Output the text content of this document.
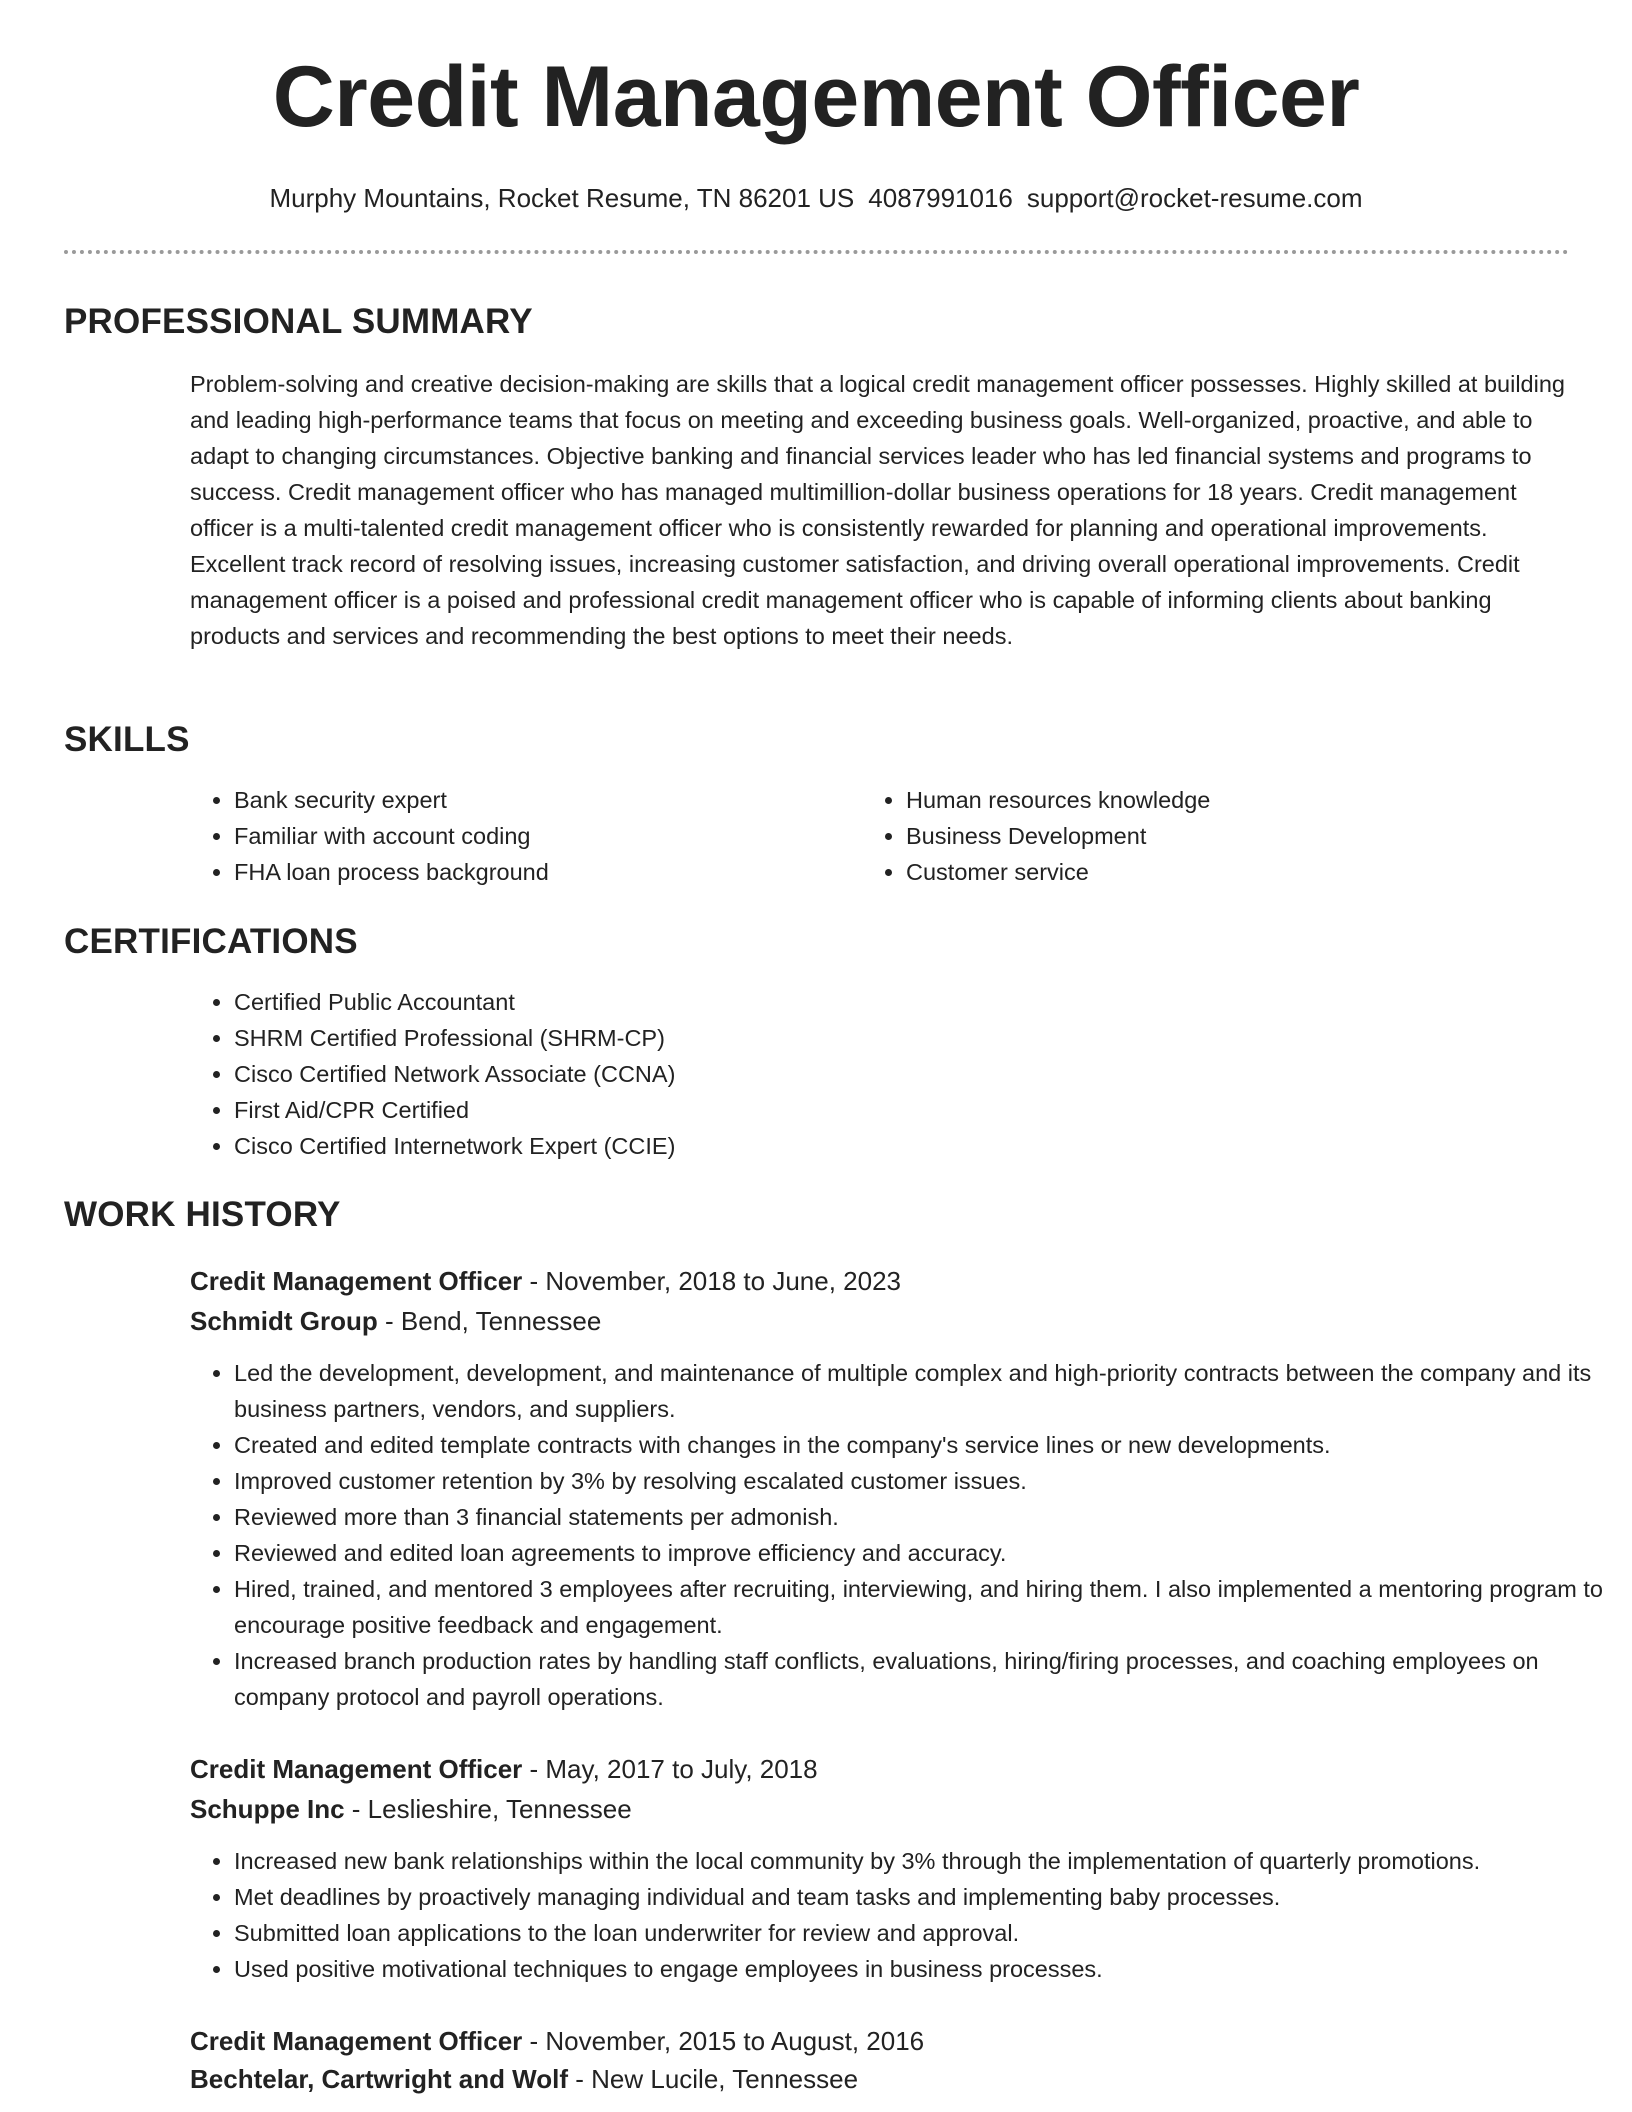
Credit Management Officer
Murphy Mountains, Rocket Resume, TN 86201 US 4087991016 support@rocket-resume.com
PROFESSIONAL SUMMARY
Problem-solving and creative decision-making are skills that a logical credit management officer possesses. Highly skilled at building and leading high-performance teams that focus on meeting and exceeding business goals. Well-organized, proactive, and able to adapt to changing circumstances. Objective banking and financial services leader who has led financial systems and programs to success. Credit management officer who has managed multimillion-dollar business operations for 18 years. Credit management officer is a multi-talented credit management officer who is consistently rewarded for planning and operational improvements. Excellent track record of resolving issues, increasing customer satisfaction, and driving overall operational improvements. Credit management officer is a poised and professional credit management officer who is capable of informing clients about banking products and services and recommending the best options to meet their needs.
SKILLS
• Bank security expert
• Familiar with account coding
• FHA loan process background
• Human resources knowledge
• Business Development
• Customer service
CERTIFICATIONS
• Certified Public Accountant
• SHRM Certified Professional (SHRM-CP)
• Cisco Certified Network Associate (CCNA)
• First Aid/CPR Certified
• Cisco Certified Internetwork Expert (CCIE)
WORK HISTORY
Credit Management Officer - November, 2018 to June, 2023
Schmidt Group - Bend, Tennessee
• Led the development, development, and maintenance of multiple complex and high-priority contracts between the company and its business partners, vendors, and suppliers.
• Created and edited template contracts with changes in the company's service lines or new developments.
• Improved customer retention by 3% by resolving escalated customer issues.
• Reviewed more than 3 financial statements per admonish.
• Reviewed and edited loan agreements to improve efficiency and accuracy.
• Hired, trained, and mentored 3 employees after recruiting, interviewing, and hiring them. I also implemented a mentoring program to encourage positive feedback and engagement.
• Increased branch production rates by handling staff conflicts, evaluations, hiring/firing processes, and coaching employees on company protocol and payroll operations.
Credit Management Officer - May, 2017 to July, 2018
Schuppe Inc - Leslieshire, Tennessee
• Increased new bank relationships within the local community by 3% through the implementation of quarterly promotions.
• Met deadlines by proactively managing individual and team tasks and implementing baby processes.
• Submitted loan applications to the loan underwriter for review and approval.
• Used positive motivational techniques to engage employees in business processes.
Credit Management Officer - November, 2015 to August, 2016
Bechtelar, Cartwright and Wolf - New Lucile, Tennessee
